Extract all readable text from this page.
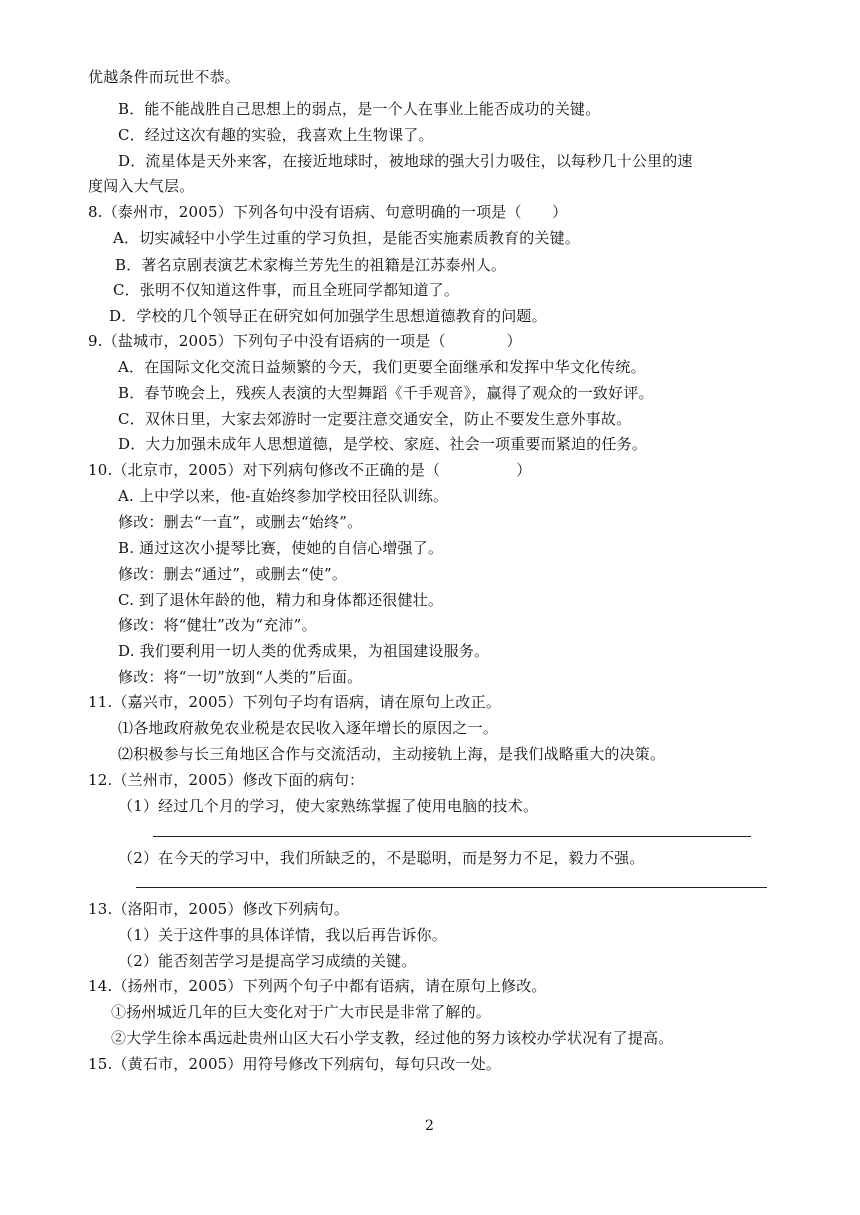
优越条件而玩世不恭。
B．能不能战胜自己思想上的弱点，是一个人在事业上能否成功的关键。
C．经过这次有趣的实验，我喜欢上生物课了。
D．流星体是天外来客，在接近地球时，被地球的强大引力吸住，以每秒几十公里的速
度闯入大气层。
8.（泰州市，2005）下列各句中没有语病、句意明确的一项是（　　）
A．切实减轻中小学生过重的学习负担，是能否实施素质教育的关键。
B．著名京剧表演艺术家梅兰芳先生的祖籍是江苏泰州人。
C．张明不仅知道这件事，而且全班同学都知道了。
D．学校的几个领导正在研究如何加强学生思想道德教育的问题。
9.（盐城市，2005）下列句子中没有语病的一项是（　　　　）
A．在国际文化交流日益频繁的今天，我们更要全面继承和发挥中华文化传统。
B．春节晚会上，残疾人表演的大型舞蹈《千手观音》，赢得了观众的一致好评。
C．双休日里，大家去郊游时一定要注意交通安全，防止不要发生意外事故。
D．大力加强未成年人思想道德，是学校、家庭、社会一项重要而紧迫的任务。
10.（北京市，2005）对下列病句修改不正确的是（　　　　　）
A. 上中学以来，他-直始终参加学校田径队训练。
修改：删去“一直”，或删去“始终”。
B. 通过这次小提琴比赛，使她的自信心增强了。
修改：删去“通过”，或删去“使”。
C. 到了退休年龄的他，精力和身体都还很健壮。
修改：将“健壮”改为“充沛”。
D. 我们要利用一切人类的优秀成果，为祖国建设服务。
修改：将“一切”放到“人类的”后面。
11.（嘉兴市，2005）下列句子均有语病，请在原句上改正。
⑴各地政府赦免农业税是农民收入逐年增长的原因之一。
⑵积极参与长三角地区合作与交流活动，主动接轨上海，是我们战略重大的决策。
12.（兰州市，2005）修改下面的病句：
（1）经过几个月的学习，使大家熟练掌握了使用电脑的技术。
（2）在今天的学习中，我们所缺乏的，不是聪明，而是努力不足，毅力不强。
13.（洛阳市，2005）修改下列病句。
（1）关于这件事的具体详情，我以后再告诉你。
（2）能否刻苦学习是提高学习成绩的关键。
14.（扬州市，2005）下列两个句子中都有语病，请在原句上修改。
①扬州城近几年的巨大变化对于广大市民是非常了解的。
②大学生徐本禹远赴贵州山区大石小学支教，经过他的努力该校办学状况有了提高。
15.（黄石市，2005）用符号修改下列病句，每句只改一处。
2
